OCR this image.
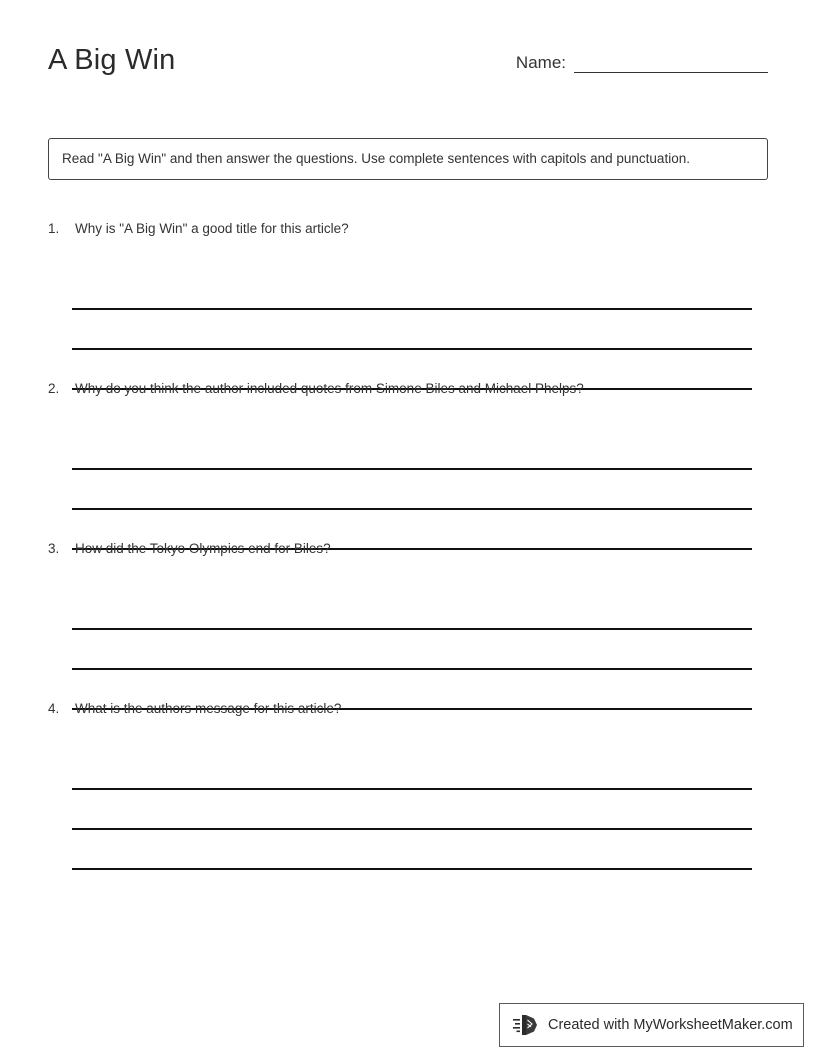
A Big Win	Name:
Read "A Big Win" and then answer the questions. Use complete sentences with capitols and punctuation.
1.	Why is "A Big Win" a good title for this article?
2.	Why do you think the author included quotes from Simone Biles and Michael Phelps?
3.	How did the Tokyo Olympics end for Biles?
4.	What is the authors message for this article?
Created with MyWorksheetMaker.com
